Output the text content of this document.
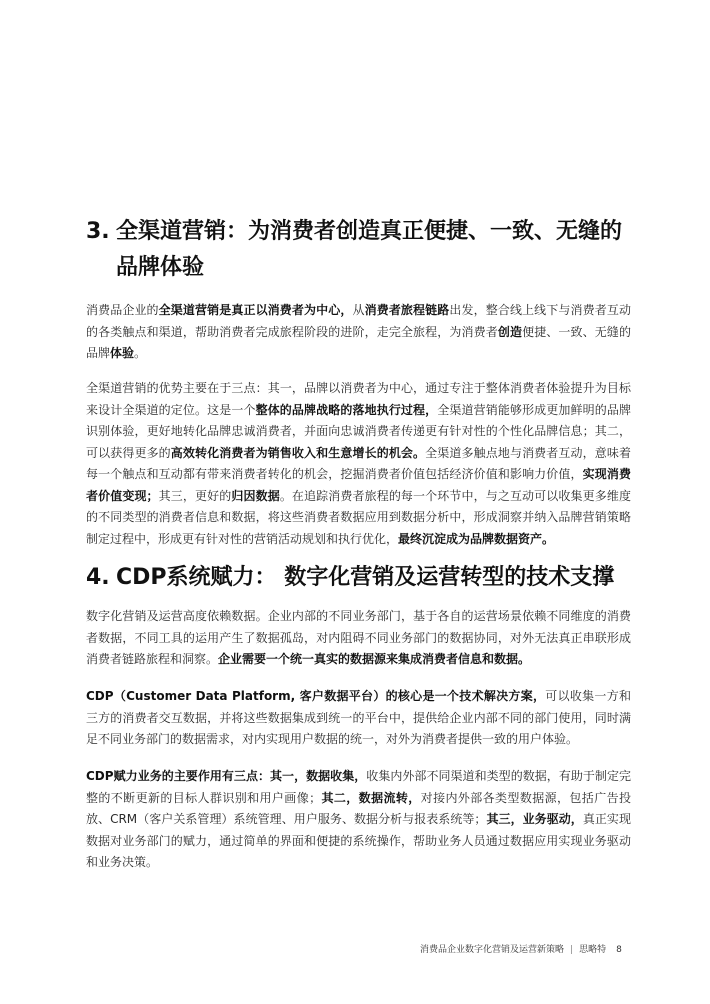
3. 全渠道营销：为消费者创造真正便捷、一致、无缝的
品牌体验
消费品企业的全渠道营销是真正以消费者为中心，从消费者旅程链路出发，整合线上线下与消费者互动的各类触点和渠道，帮助消费者完成旅程阶段的进阶，走完全旅程，为消费者创造便捷、一致、无缝的品牌体验。
全渠道营销的优势主要在于三点：其一，品牌以消费者为中心，通过专注于整体消费者体验提升为目标来设计全渠道的定位。这是一个整体的品牌战略的落地执行过程，全渠道营销能够形成更加鲜明的品牌识别体验，更好地转化品牌忠诚消费者，并面向忠诚消费者传递更有针对性的个性化品牌信息；其二，可以获得更多的高效转化消费者为销售收入和生意增长的机会。全渠道多触点地与消费者互动，意味着每一个触点和互动都有带来消费者转化的机会，挖掘消费者价值包括经济价值和影响力价值，实现消费者价值变现；其三，更好的归因数据。在追踪消费者旅程的每一个环节中，与之互动可以收集更多维度的不同类型的消费者信息和数据，将这些消费者数据应用到数据分析中，形成洞察并纳入品牌营销策略制定过程中，形成更有针对性的营销活动规划和执行优化，最终沉淀成为品牌数据资产。
4. CDP系统赋力： 数字化营销及运营转型的技术支撑
数字化营销及运营高度依赖数据。企业内部的不同业务部门，基于各自的运营场景依赖不同维度的消费者数据，不同工具的运用产生了数据孤岛，对内阻碍不同业务部门的数据协同，对外无法真正串联形成消费者链路旅程和洞察。企业需要一个统一真实的数据源来集成消费者信息和数据。
CDP（Customer Data Platform, 客户数据平台）的核心是一个技术解决方案，可以收集一方和三方的消费者交互数据，并将这些数据集成到统一的平台中，提供给企业内部不同的部门使用，同时满足不同业务部门的数据需求，对内实现用户数据的统一，对外为消费者提供一致的用户体验。
CDP赋力业务的主要作用有三点：其一，数据收集，收集内外部不同渠道和类型的数据，有助于制定完整的不断更新的目标人群识别和用户画像；其二，数据流转，对接内外部各类型数据源，包括广告投放、CRM（客户关系管理）系统管理、用户服务、数据分析与报表系统等；其三，业务驱动，真正实现数据对业务部门的赋力，通过简单的界面和便捷的系统操作，帮助业务人员通过数据应用实现业务驱动和业务决策。
消费品企业数字化营销及运营新策略 | 思略特 8
